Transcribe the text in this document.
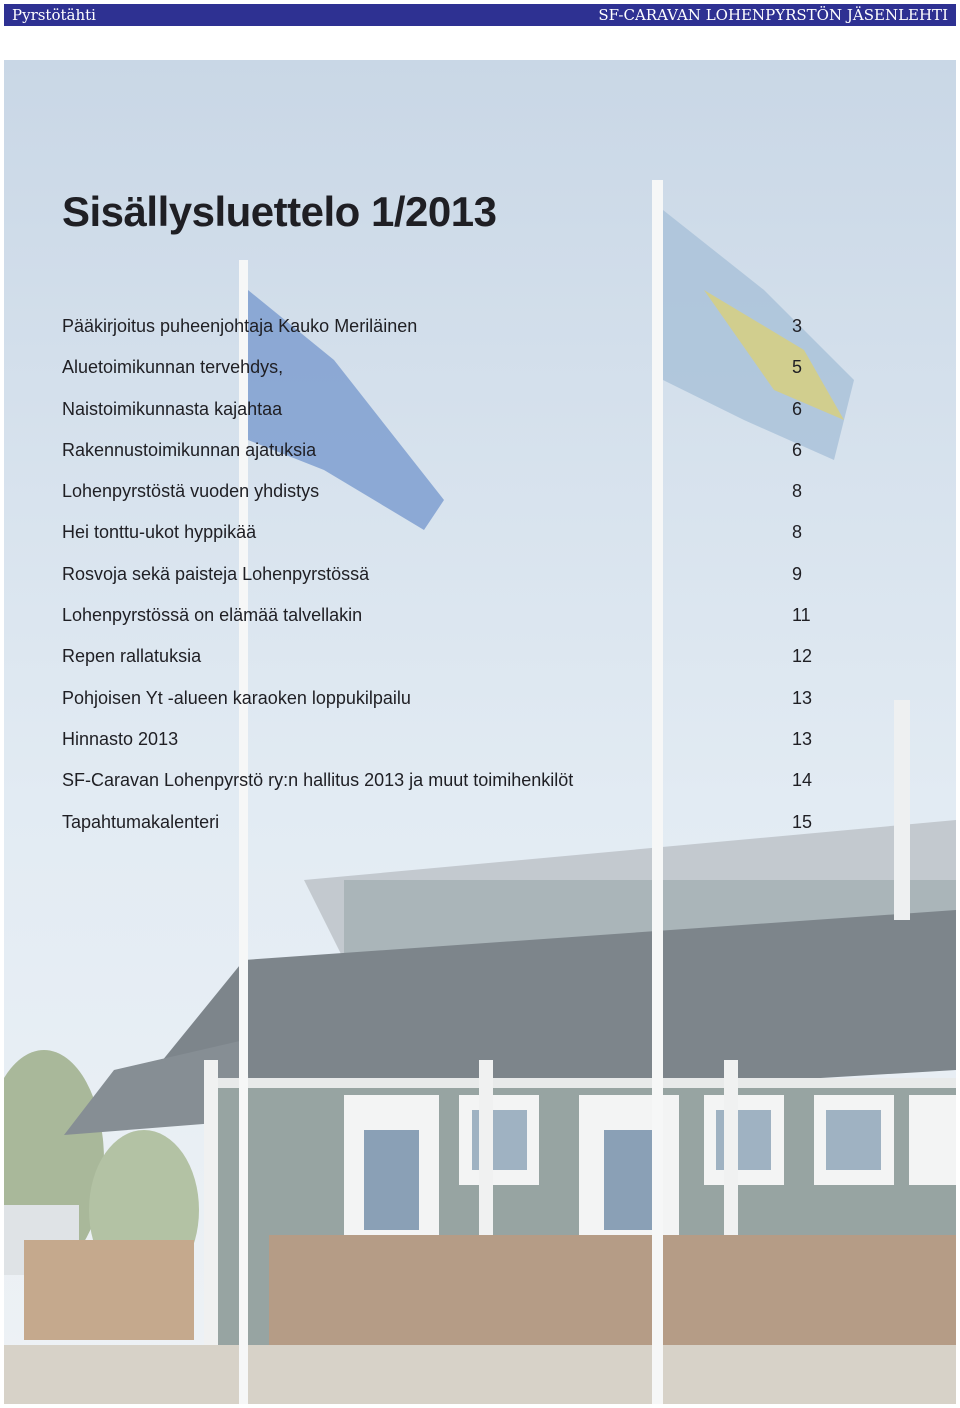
Pyrstötähti	SF-CARAVAN LOHENPYRSTÖN JÄSENLEHTI
Sisällysluettelo 1/2013
Pääkirjoitus puheenjohtaja Kauko Meriläinen	3
Aluetoimikunnan tervehdys,	5
Naistoimikunnasta kajahtaa	6
Rakennustoimikunnan ajatuksia	6
Lohenpyrstöstä vuoden yhdistys	8
Hei tonttu-ukot hyppikää	8
Rosvoja sekä paisteja Lohenpyrstössä	9
Lohenpyrstössä on elämää talvellakin	11
Repen rallatuksia	12
Pohjoisen Yt -alueen karaoken loppukilpailu	13
Hinnasto 2013	13
SF-Caravan Lohenpyrstö ry:n hallitus 2013 ja muut toimihenkilöt	14
Tapahtumakalenteri	15
